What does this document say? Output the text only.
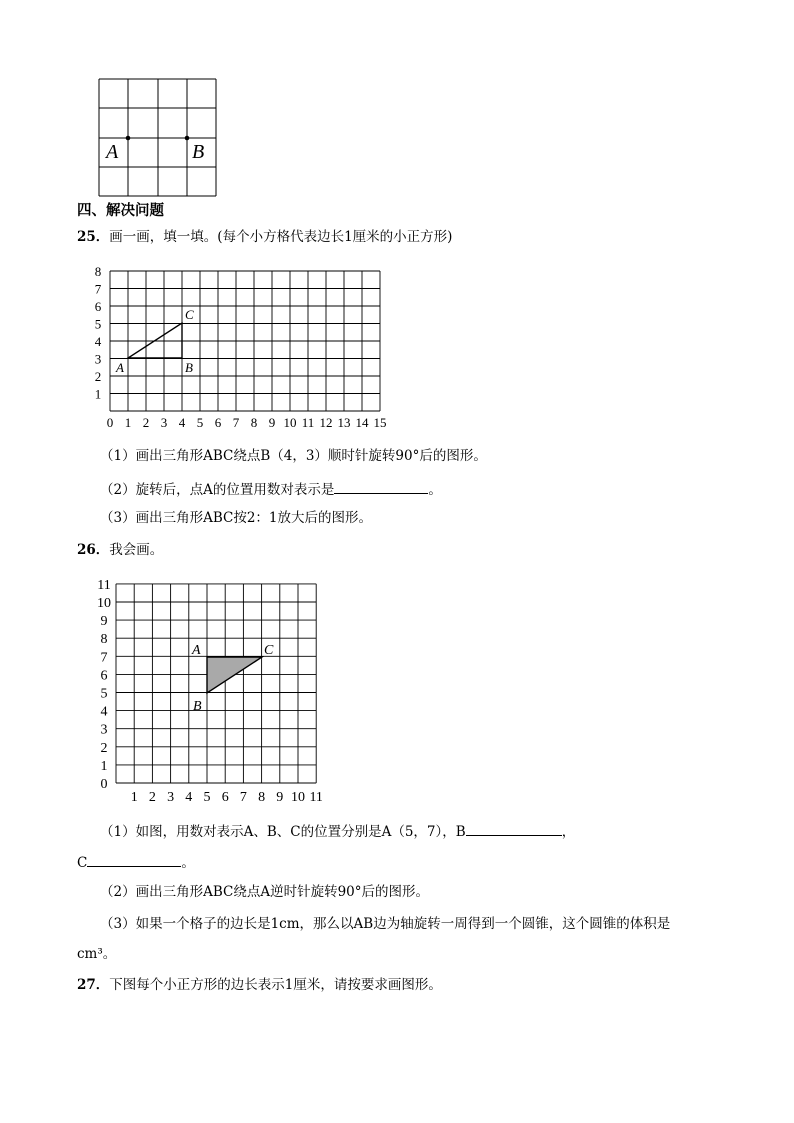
A	B
四、解决问题
25．画一画，填一填。(每个小方格代表边长1厘米的小正方形)
0 1 2 3 4 5 6 7 8 9 10 11 12 13 14 15
1
2
3
4
5
6
7
8
A	B
C
（1）画出三角形ABC绕点B（4，3）顺时针旋转90°后的图形。
（2）旋转后，点A的位置用数对表示是	。
（3）画出三角形ABC按2：1放大后的图形。
26．我会画。
1 2 3 4 5 6 7 8 9 10 11
0
1
2
3
4
5
6
7
8
9
10
11
A
B
C
（1）如图，用数对表示A、B、C的位置分别是A（5，7），B	，
C	。
（2）画出三角形ABC绕点A逆时针旋转90°后的图形。
（3）如果一个格子的边长是1cm，那么以AB边为轴旋转一周得到一个圆锥，这个圆锥的体积是
cm³。
27．下图每个小正方形的边长表示1厘米，请按要求画图形。
